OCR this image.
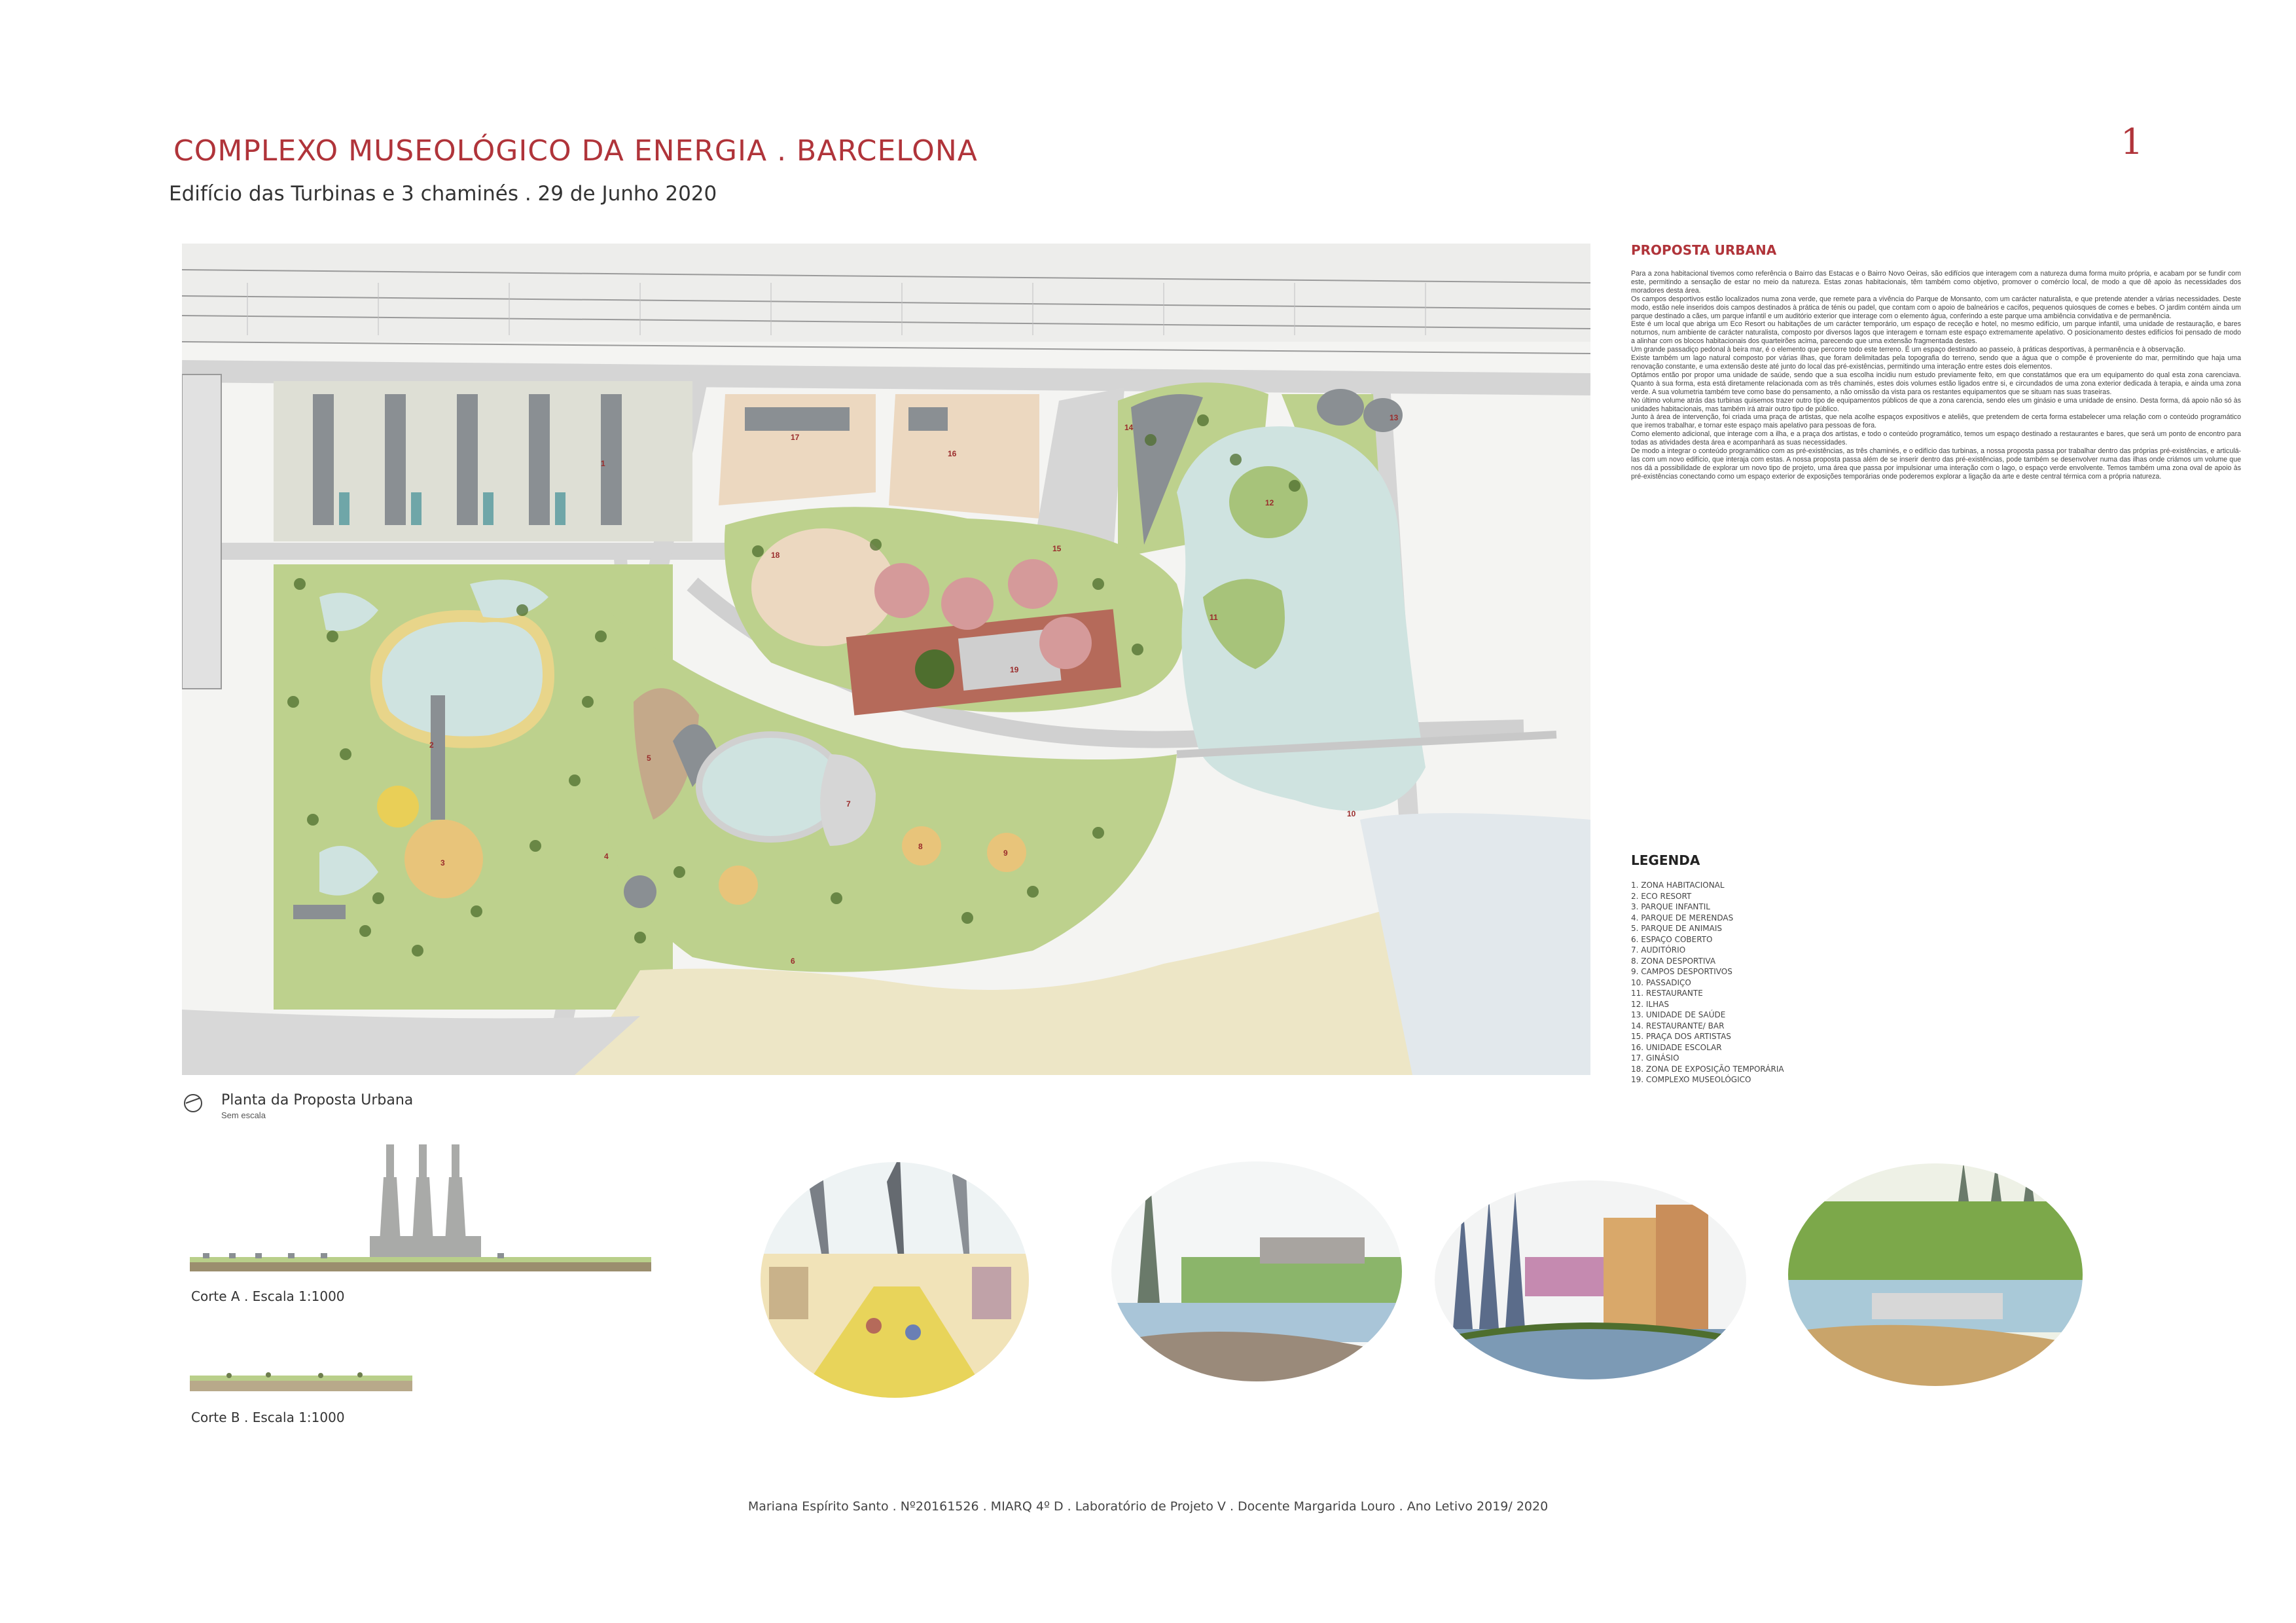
COMPLEXO MUSEOLÓGICO DA ENERGIA . BARCELONA
Edifício das Turbinas e 3 chaminés . 29 de Junho 2020
1
1
2
3
4
5
6
7
8
9
10
11
12
13
14
15
16
17
18
19
Planta da Proposta Urbana
Sem escala
PROPOSTA URBANA

Para a zona habitacional tivemos como referência o Bairro das Estacas e o Bairro Novo Oeiras, são edifícios que interagem com a natureza duma forma muito própria, e acabam por se fundir com este, permitindo a sensação de estar no meio da natureza. Estas zonas habitacionais, têm também como objetivo, promover o comércio local, de modo a que dê apoio às necessidades dos moradores desta área.

Os campos desportivos estão localizados numa zona verde, que remete para a vivência do Parque de Monsanto, com um carácter naturalista, e que pretende atender a várias necessidades. Deste modo, estão nele inseridos dois campos destinados à prática de ténis ou padel, que contam com o apoio de balneários e cacifos, pequenos quiosques de comes e bebes. O jardim contém ainda um parque destinado a cães, um parque infantil e um auditório exterior que interage com o elemento água, conferindo a este parque uma ambiência convidativa e de permanência.

Este é um local que abriga um Eco Resort ou habitações de um carácter temporário, um espaço de receção e hotel, no mesmo edifício, um parque infantil, uma unidade de restauração, e bares noturnos, num ambiente de carácter naturalista, composto por diversos lagos que interagem e tornam este espaço extremamente apelativo. O posicionamento destes edifícios foi pensado de modo a alinhar com os blocos habitacionais dos quarteirões acima, parecendo que uma extensão fragmentada destes.

Um grande passadiço pedonal à beira mar, é o elemento que percorre todo este terreno. É um espaço destinado ao passeio, à práticas desportivas, à permanência e à observação.

Existe também um lago natural composto por várias ilhas, que foram delimitadas pela topografia do terreno, sendo que a água que o compõe é proveniente do mar, permitindo que haja uma renovação constante, e uma extensão deste até junto do local das pré-existências, permitindo uma interação entre estes dois elementos.

Optámos então por propor uma unidade de saúde, sendo que a sua escolha incidiu num estudo previamente feito, em que constatámos que era um equipamento do qual esta zona carenciava. Quanto à sua forma, esta está diretamente relacionada com as três chaminés, estes dois volumes estão ligados entre si, e circundados de uma zona exterior dedicada à terapia, e ainda uma zona verde. A sua volumetria também teve como base do pensamento, a não omissão da vista para os restantes equipamentos que se situam nas suas traseiras.

No último volume atrás das turbinas quisemos trazer outro tipo de equipamentos públicos de que a zona carencia, sendo eles um ginásio e uma unidade de ensino. Desta forma, dá apoio não só às unidades habitacionais, mas também irá atrair outro tipo de público.

Junto à área de intervenção, foi criada uma praça de artistas, que nela acolhe espaços expositivos e ateliês, que pretendem de certa forma estabelecer uma relação com o conteúdo programático que iremos trabalhar, e tornar este espaço mais apelativo para pessoas de fora.

Como elemento adicional, que interage com a ilha, e a praça dos artistas, e todo o conteúdo programático, temos um espaço destinado a restaurantes e bares, que será um ponto de encontro para todas as atividades desta área e acompanhará as suas necessidades.

De modo a integrar o conteúdo programático com as pré-existências, as três chaminés, e o edifício das turbinas, a nossa proposta passa por trabalhar dentro das próprias pré-existências, e articulá-las com um novo edifício, que interaja com estas. A nossa proposta passa além de se inserir dentro das pré-existências, pode também se desenvolver numa das ilhas onde criámos um volume que nos dá a possibilidade de explorar um novo tipo de projeto, uma área que passa por impulsionar uma interação com o lago, o espaço verde envolvente. Temos também uma zona oval de apoio às pré-existências conectando como um espaço exterior de exposições temporárias onde poderemos explorar a ligação da arte e deste central térmica com a própria natureza.

LEGENDA
1. ZONA HABITACIONAL
2. ECO RESORT
3. PARQUE INFANTIL
4. PARQUE DE MERENDAS
5. PARQUE DE ANIMAIS
6. ESPAÇO COBERTO
7. AUDITÓRIO
8. ZONA DESPORTIVA
9. CAMPOS DESPORTIVOS
10. PASSADIÇO
11. RESTAURANTE
12. ILHAS
13. UNIDADE DE SAÚDE
14. RESTAURANTE/ BAR
15. PRAÇA DOS ARTISTAS
16. UNIDADE ESCOLAR
17. GINÁSIO
18. ZONA DE EXPOSIÇÃO TEMPORÁRIA
19. COMPLEXO MUSEOLÓGICO
Corte A . Escala 1:1000
Corte B . Escala 1:1000
Mariana Espírito Santo . Nº20161526 . MIARQ 4º D . Laboratório de Projeto V . Docente Margarida Louro . Ano Letivo 2019/ 2020
